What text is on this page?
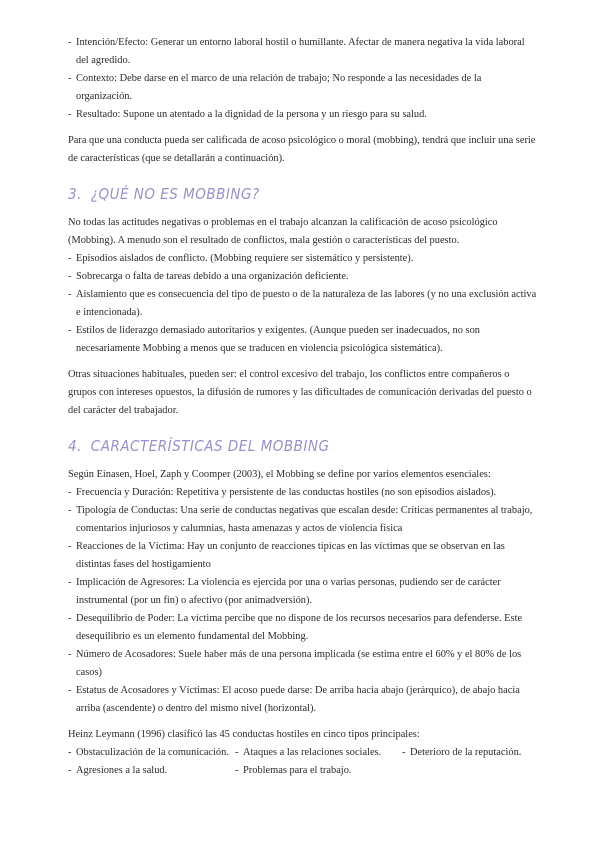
- Intención/Efecto: Generar un entorno laboral hostil o humillante. Afectar de manera negativa la vida laboral del agredido.
- Contexto: Debe darse en el marco de una relación de trabajo; No responde a las necesidades de la organización.
- Resultado: Supone un atentado a la dignidad de la persona y un riesgo para su salud.

Para que una conducta pueda ser calificada de acoso psicológico o moral (mobbing), tendrá que incluir una serie de características (que se detallarán a continuación).

3. ¿QUÉ NO ES MOBBING?

No todas las actitudes negativas o problemas en el trabajo alcanzan la calificación de acoso psicológico (Mobbing). A menudo son el resultado de conflictos, mala gestión o características del puesto.

- Episodios aislados de conflicto. (Mobbing requiere ser sistemático y persistente).
- Sobrecarga o falta de tareas debido a una organización deficiente.
- Aislamiento que es consecuencia del tipo de puesto o de la naturaleza de las labores (y no una exclusión activa e intencionada).
- Estilos de liderazgo demasiado autoritarios y exigentes. (Aunque pueden ser inadecuados, no son necesariamente Mobbing a menos que se traducen en violencia psicológica sistemática).

Otras situaciones habituales, pueden ser: el control excesivo del trabajo, los conflictos entre compañeros o grupos con intereses opuestos, la difusión de rumores y las dificultades de comunicación derivadas del puesto o del carácter del trabajador.

4. CARACTERÍSTICAS DEL MOBBING

Según Einasen, Hoel, Zaph y Coomper (2003), el Mobbing se define por varios elementos esenciales:

- Frecuencia y Duración: Repetitiva y persistente de las conductas hostiles (no son episodios aislados).
- Tipología de Conductas: Una serie de conductas negativas que escalan desde: Críticas permanentes al trabajo, comentarios injuriosos y calumnias, hasta amenazas y actos de violencia física
- Reacciones de la Víctima: Hay un conjunto de reacciones típicas en las víctimas que se observan en las distintas fases del hostigamiento
- Implicación de Agresores: La violencia es ejercida por una o varias personas, pudiendo ser de carácter instrumental (por un fin) o afectivo (por animadversión).
- Desequilibrio de Poder: La víctima percibe que no dispone de los recursos necesarios para defenderse. Este desequilibrio es un elemento fundamental del Mobbing.
- Número de Acosadores: Suele haber más de una persona implicada (se estima entre el 60% y el 80% de los casos)
- Estatus de Acosadores y Víctimas: El acoso puede darse: De arriba hacia abajo (jerárquico), de abajo hacia arriba (ascendente) o dentro del mismo nivel (horizontal).

Heinz Leymann (1996) clasificó las 45 conductas hostiles en cinco tipos principales:

- Obstaculización de la comunicación.
- Agresiones a la salud.
- Ataques a las relaciones sociales.
- Problemas para el trabajo.
- Deterioro de la reputación.
